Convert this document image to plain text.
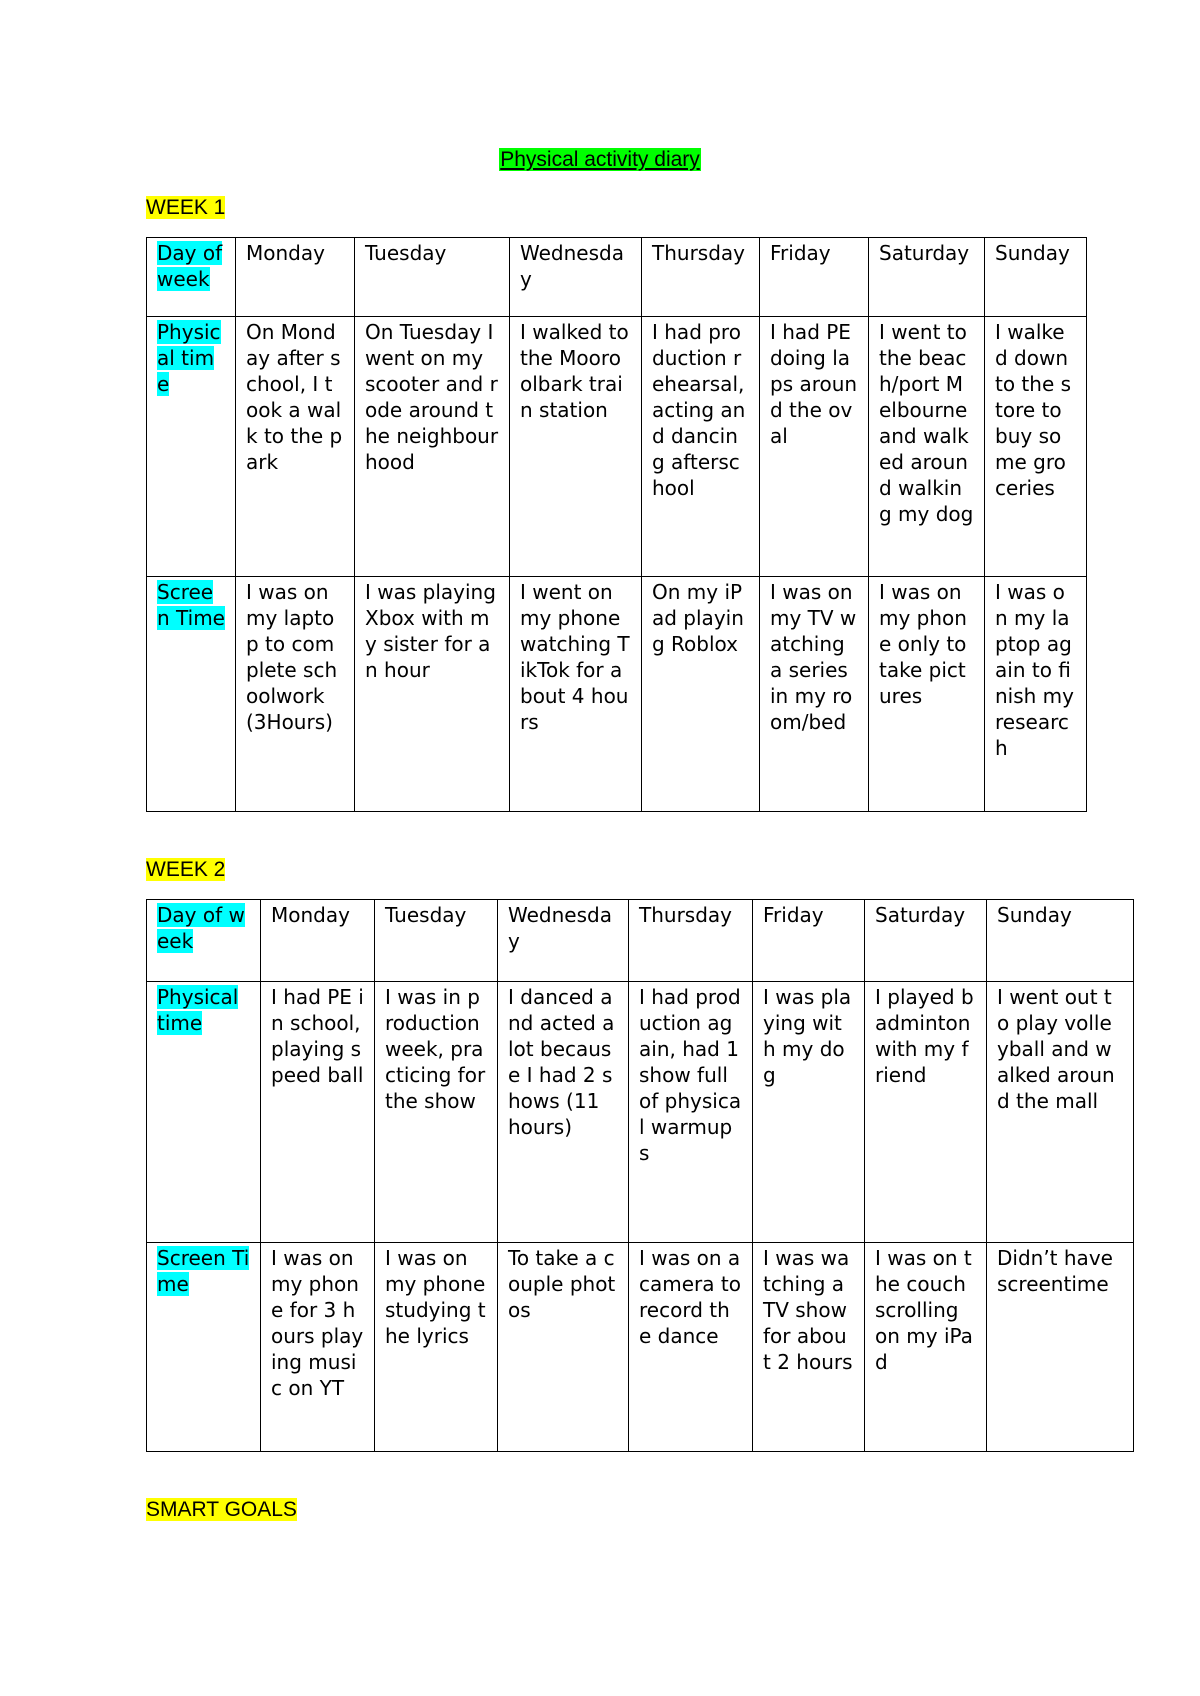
Physical activity diary
WEEK 1
Day of week	Monday	Tuesday	Wednesday	Thursday	Friday	Saturday	Sunday
Physical time	On Monday after school, I took a walk to the park	On Tuesday I went on my scooter and rode around the neighbourhood	I walked to the Mooroolbark train station	I had production rehearsal, acting and dancing afterschool	I had PE doing laps around the oval	I went to the beach/port Melbourne and walked around walking my dog	I walked down to the store to buy some groceries
Screen Time	I was on my laptop to complete schoolwork (3Hours)	I was playing Xbox with my sister for an hour	I went on my phone watching TikTok for about 4 hours	On my iPad playing Roblox	I was on my TV watching a series in my room/bed	I was on my phone only to take pictures	I was on my laptop again to finish my research
WEEK 2
Day of week	Monday	Tuesday	Wednesday	Thursday	Friday	Saturday	Sunday
Physical time	I had PE in school, playing speed ball	I was in production week, practicing for the show	I danced and acted a lot because I had 2 shows (11 hours)	I had production again, had 1 show full of physical warmups	I was playing with my dog	I played badminton with my friend	I went out to play volleyball and walked around the mall
Screen Time	I was on my phone for 3 hours playing music on YT	I was on my phone studying the lyrics	To take a couple photos	I was on a camera to record the dance	I was watching a TV show for about 2 hours	I was on the couch scrolling on my iPad	Didn’t have screentime
SMART GOALS
